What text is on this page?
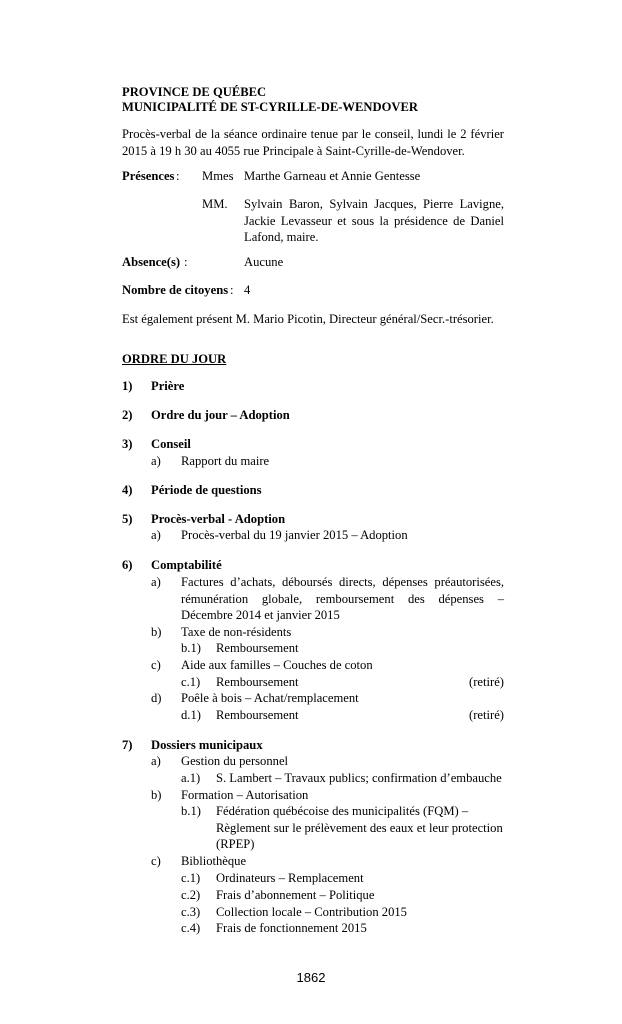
PROVINCE DE QUÉBEC
MUNICIPALITÉ DE ST-CYRILLE-DE-WENDOVER
Procès-verbal de la séance ordinaire tenue par le conseil, lundi le 2 février 2015 à 19 h 30 au 4055 rue Principale à Saint-Cyrille-de-Wendover.
Présences : Mmes Marthe Garneau et Annie Gentesse
MM. Sylvain Baron, Sylvain Jacques, Pierre Lavigne, Jackie Levasseur et sous la présidence de Daniel Lafond, maire.
Absence(s) :	Aucune
Nombre de citoyens : 4
Est également présent M. Mario Picotin, Directeur général/Secr.-trésorier.
ORDRE DU JOUR
1) Prière
2) Ordre du jour – Adoption
3) Conseil
a) Rapport du maire
4) Période de questions
5) Procès-verbal - Adoption
a) Procès-verbal du 19 janvier 2015 – Adoption
6) Comptabilité
a) Factures d’achats, déboursés directs, dépenses préautorisées, rémunération globale, remboursement des dépenses – Décembre 2014 et janvier 2015
b) Taxe de non-résidents
b.1) Remboursement
c) Aide aux familles – Couches de coton
c.1) Remboursement	(retiré)
d) Poêle à bois – Achat/remplacement
d.1) Remboursement	(retiré)
7) Dossiers municipaux
a) Gestion du personnel
a.1) S. Lambert – Travaux publics; confirmation d’embauche
b) Formation – Autorisation
b.1) Fédération québécoise des municipalités (FQM) – Règlement sur le prélèvement des eaux et leur protection (RPEP)
c) Bibliothèque
c.1) Ordinateurs – Remplacement
c.2) Frais d’abonnement – Politique
c.3) Collection locale – Contribution 2015
c.4) Frais de fonctionnement 2015
1862
